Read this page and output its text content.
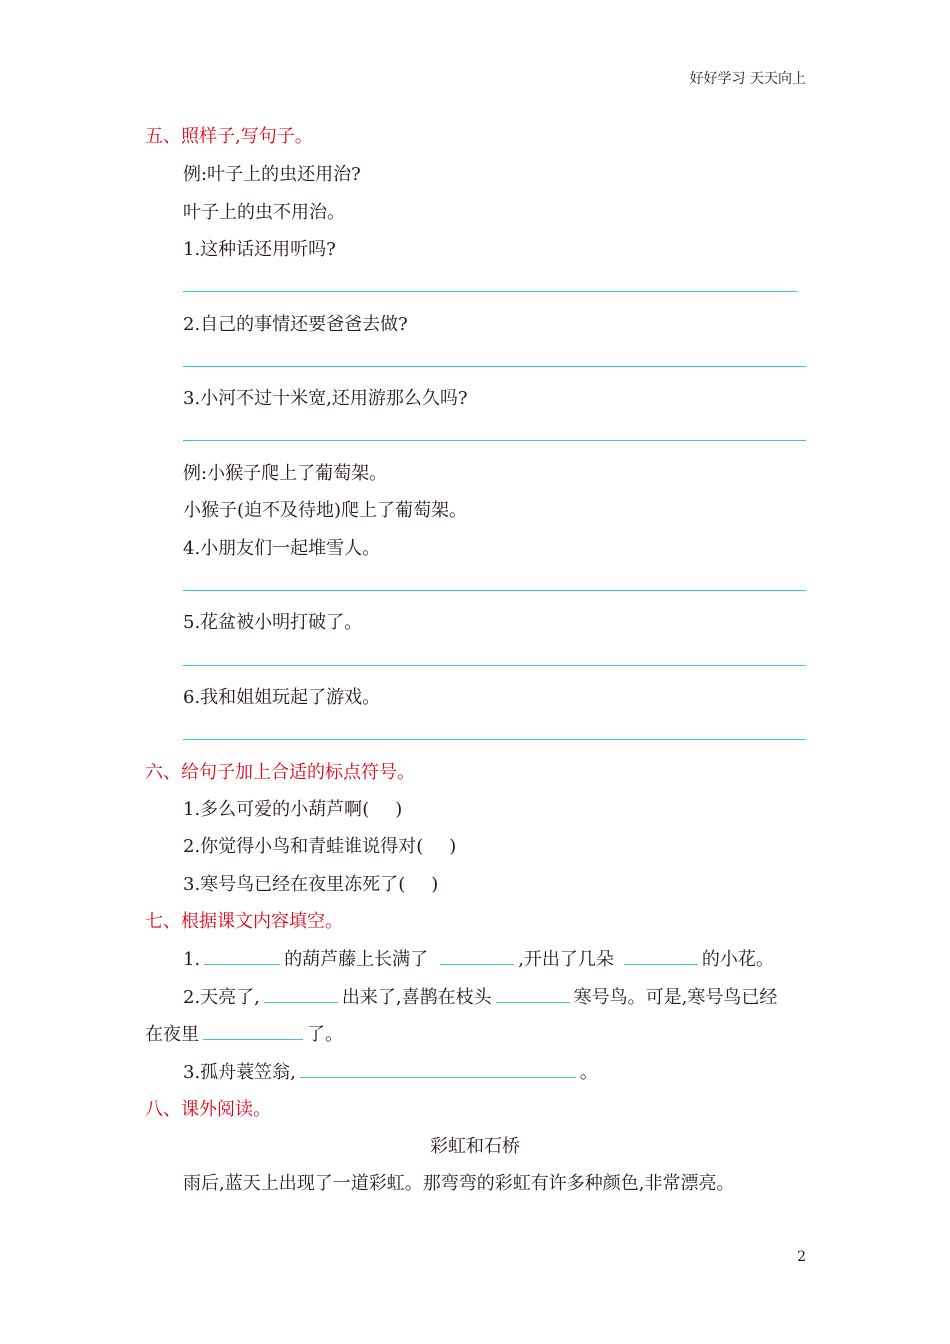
好好学习 天天向上
五、照样子,写句子。
例:叶子上的虫还用治?
叶子上的虫不用治。
1.这种话还用听吗?
2.自己的事情还要爸爸去做?
3.小河不过十米宽,还用游那么久吗?
例:小猴子爬上了葡萄架。
小猴子(迫不及待地)爬上了葡萄架。
4.小朋友们一起堆雪人。
5.花盆被小明打破了。
6.我和姐姐玩起了游戏。
六、给句子加上合适的标点符号。
1.多么可爱的小葫芦啊( )
2.你觉得小鸟和青蛙谁说得对( )
3.寒号鸟已经在夜里冻死了( )
七、根据课文内容填空。
1.	的葫芦藤上长满了	,开出了几朵	的小花。
2.天亮了,	出来了,喜鹊在枝头	寒号鸟。可是,寒号鸟已经
在夜里	了。
3.孤舟蓑笠翁,	。
八、课外阅读。
彩虹和石桥
雨后,蓝天上出现了一道彩虹。那弯弯的彩虹有许多种颜色,非常漂亮。
2
